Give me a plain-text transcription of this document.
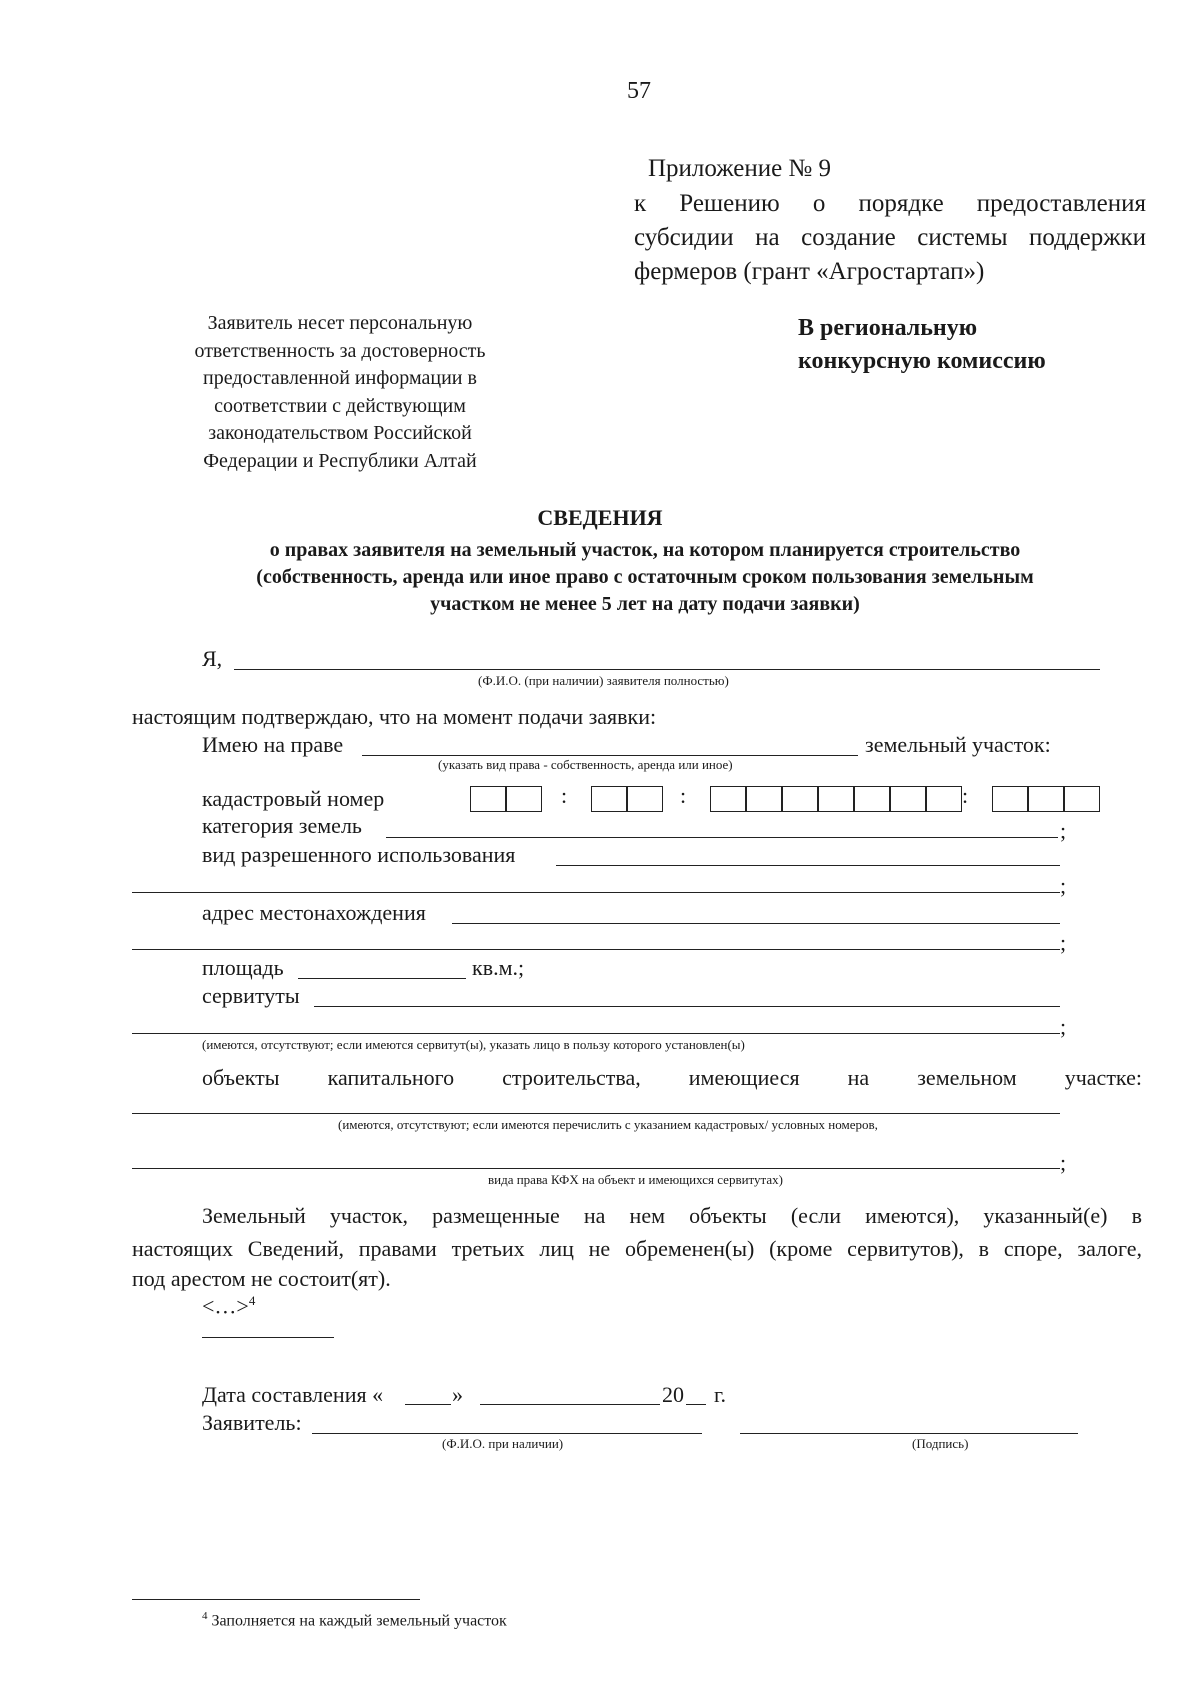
57
Приложение № 9
к Решению о порядке предоставления
субсидии на создание системы поддержки
фермеров (грант «Агростартап»)
Заявитель несет персональную
ответственность за достоверность
предоставленной информации в
соответствии с действующим
законодательством Российской
Федерации и Республики Алтай
В региональную
конкурсную комиссию
СВЕДЕНИЯ
о правах заявителя на земельный участок, на котором планируется строительство
(собственность, аренда или иное право с остаточным сроком пользования земельным
участком не менее 5 лет на дату подачи заявки)
Я,
(Ф.И.О. (при наличии) заявителя полностью)
настоящим подтверждаю, что на момент подачи заявки:
Имею на праве	земельный участок:
(указать вид права - собственность, аренда или иное)
кадастровый номер	:	:	:
категория земель	;
вид разрешенного использования
;
адрес местонахождения
;
площадь	кв.м.;
сервитуты
;
(имеются, отсутствуют; если имеются сервитут(ы), указать лицо в пользу которого установлен(ы)
объекты капитального строительства, имеющиеся на земельном участке:
(имеются, отсутствуют; если имеются перечислить с указанием кадастровых/ условных номеров,
;
вида права КФХ на объект и имеющихся сервитутах)
Земельный участок, размещенные на нем объекты (если имеются), указанный(е) в
настоящих Сведений, правами третьих лиц не обременен(ы) (кроме сервитутов), в споре, залоге,
под арестом не состоит(ят).
<…>$^4$
Дата составления «	»	20 г.
Заявитель:
(Ф.И.О. при наличии)	(Подпись)
$^4$ Заполняется на каждый земельный участок
